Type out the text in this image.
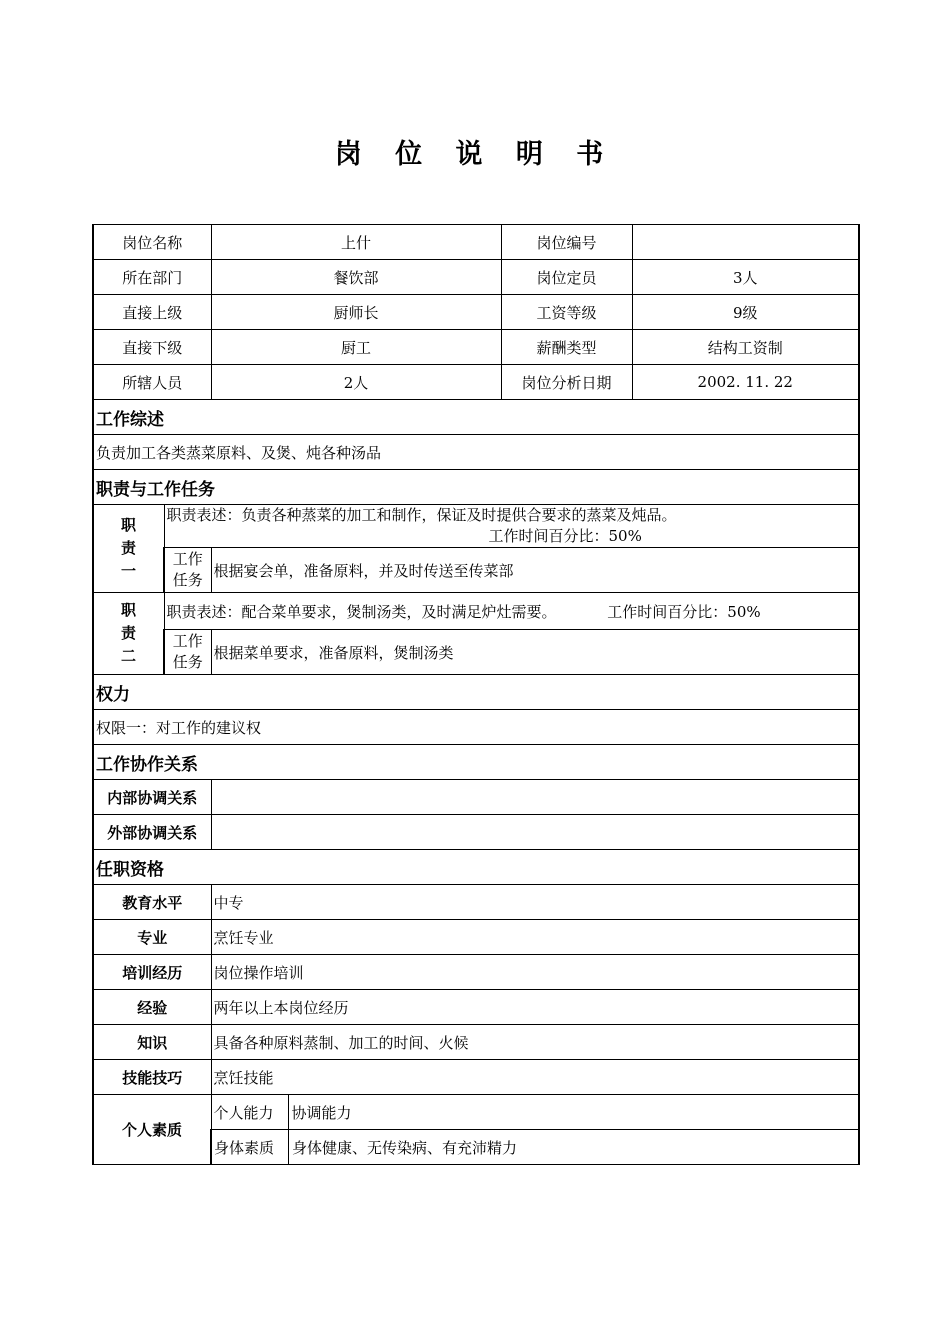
岗 位 说 明 书
岗位名称		上什	岗位编号	
所在部门		餐饮部	岗位定员	3人
直接上级		厨师长	工资等级	9级
直接下级		厨工	薪酬类型	结构工资制
所辖人员		2人	岗位分析日期	2002. 11. 22
工作综述				
负责加工各类蒸菜原料、及煲、炖各种汤品				
职责与工作任务				

职责一	职责表述：负责各种蒸菜的加工和制作，保证及时提供合要求的蒸菜及炖品。
工作时间百分比：50%			

	工作任务	根据宴会单，准备原料，并及时传送至传菜部		

职责二	职责表述：配合菜单要求，煲制汤类，及时满足炉灶需要。 工作时间百分比：50%			

	工作任务	根据菜单要求，准备原料，煲制汤类		
权力				
权限一：对工作的建议权				
工作协作关系				
内部协调关系				
外部协调关系				
任职资格				
教育水平		中专		
专业		烹饪专业		
培训经历		岗位操作培训		
经验		两年以上本岗位经历		
知识		具备各种原料蒸制、加工的时间、火候		
技能技巧		烹饪技能		
个人素质		个人能力 协调能力		

身体素质 身体健康、无传染病、有充沛精力		
